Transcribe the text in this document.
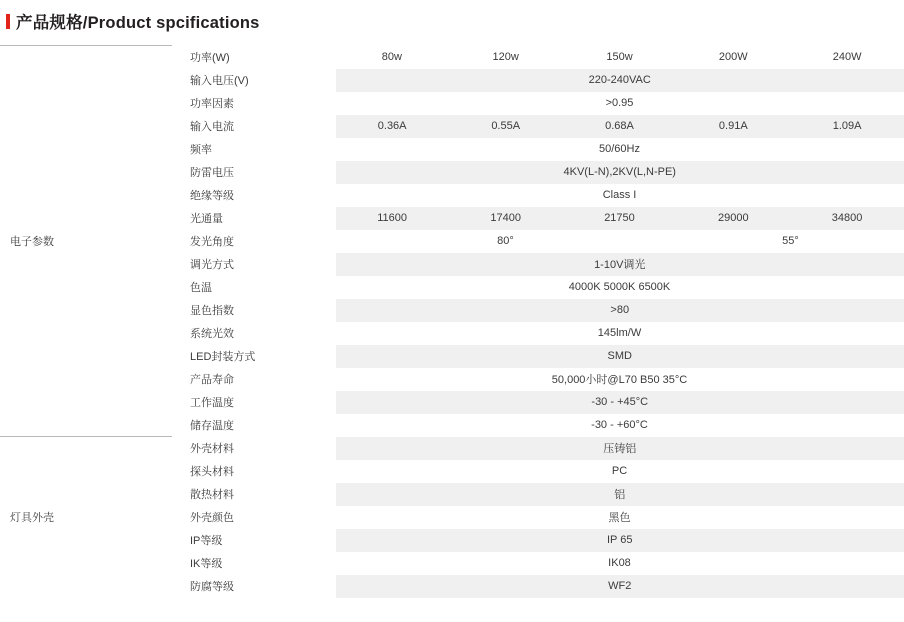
产品规格/Product spcifications
电子参数	功率(W)	80w	120w	150w	200W	240W
	输入电压(V)	220-240VAC				
	功率因素	>0.95				
	输入电流	0.36A	0.55A	0.68A	0.91A	1.09A
	频率	50/60Hz				
	防雷电压	4KV(L-N),2KV(L,N-PE)				
	绝缘等级	Class I				
	光通量	11600	17400	21750	29000	34800
	发光角度	80°			55°	
	调光方式	1-10V调光				
	色温	4000K 5000K 6500K				
	显色指数	>80				
	系统光效	145lm/W				
	LED封装方式	SMD				
	产品寿命	50,000小时@L70 B50 35°C				
	工作温度	-30 - +45°C				
	储存温度	-30 - +60°C				
灯具外壳	外壳材料	压铸铝				
	探头材料	PC				
	散热材料	铝				
	外壳颜色	黑色				
	IP等级	IP 65				
	IK等级	IK08				
	防腐等级	WF2				
